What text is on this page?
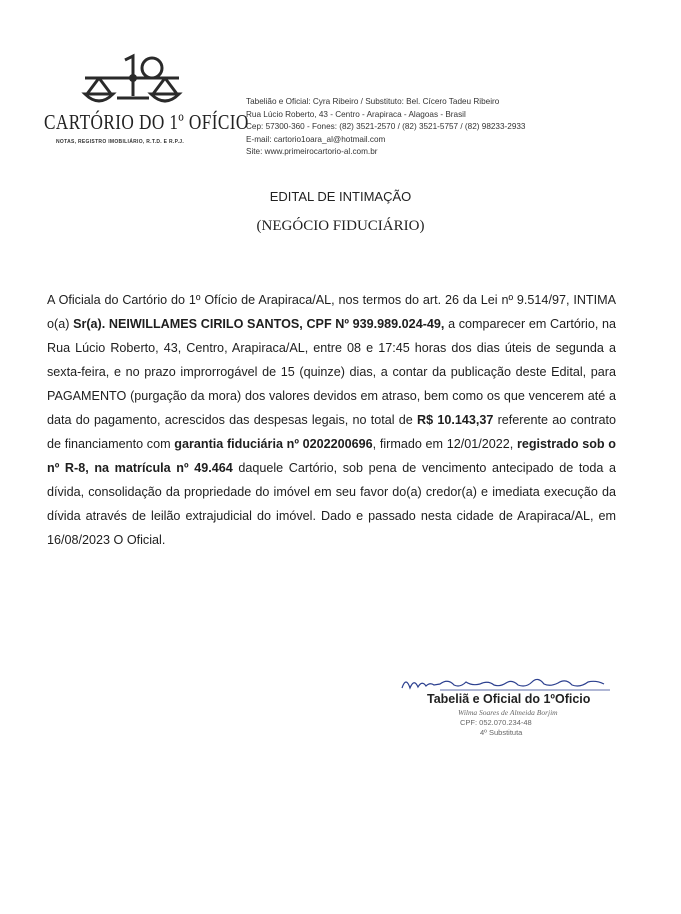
CARTÓRIO DO 1º OFÍCIO
NOTAS, REGISTRO IMOBILIÁRIO, R.T.D. E R.P.J.
Tabelião e Oficial: Cyra Ribeiro / Substituto: Bel. Cícero Tadeu Ribeiro
Rua Lúcio Roberto, 43 - Centro - Arapiraca - Alagoas - Brasil
Cep: 57300-360 - Fones: (82) 3521-2570 / (82) 3521-5757 / (82) 98233-2933
E-mail: cartorio1oara_al@hotmail.com
Site: www.primeirocartorio-al.com.br
EDITAL DE INTIMAÇÃO
(NEGÓCIO FIDUCIÁRIO)
A Oficiala do Cartório do 1º Ofício de Arapiraca/AL, nos termos do art. 26 da Lei nº 9.514/97, INTIMA o(a) Sr(a). NEIWILLAMES CIRILO SANTOS, CPF Nº 939.989.024-49, a comparecer em Cartório, na Rua Lúcio Roberto, 43, Centro, Arapiraca/AL, entre 08 e 17:45 horas dos dias úteis de segunda a sexta-feira, e no prazo improrrogável de 15 (quinze) dias, a contar da publicação deste Edital, para PAGAMENTO (purgação da mora) dos valores devidos em atraso, bem como os que vencerem até a data do pagamento, acrescidos das despesas legais, no total de R$ 10.143,37 referente ao contrato de financiamento com garantia fiduciária nº 0202200696, firmado em 12/01/2022, registrado sob o nº R-8, na matrícula nº 49.464 daquele Cartório, sob pena de vencimento antecipado de toda a dívida, consolidação da propriedade do imóvel em seu favor do(a) credor(a) e imediata execução da dívida através de leilão extrajudicial do imóvel. Dado e passado nesta cidade de Arapiraca/AL, em 16/08/2023 O Oficial.
Tabeliã e Oficial do 1ºOficio
Wilma Soares de Almeida Borjim
CPF: 052.070.234-48
4º Substituta
